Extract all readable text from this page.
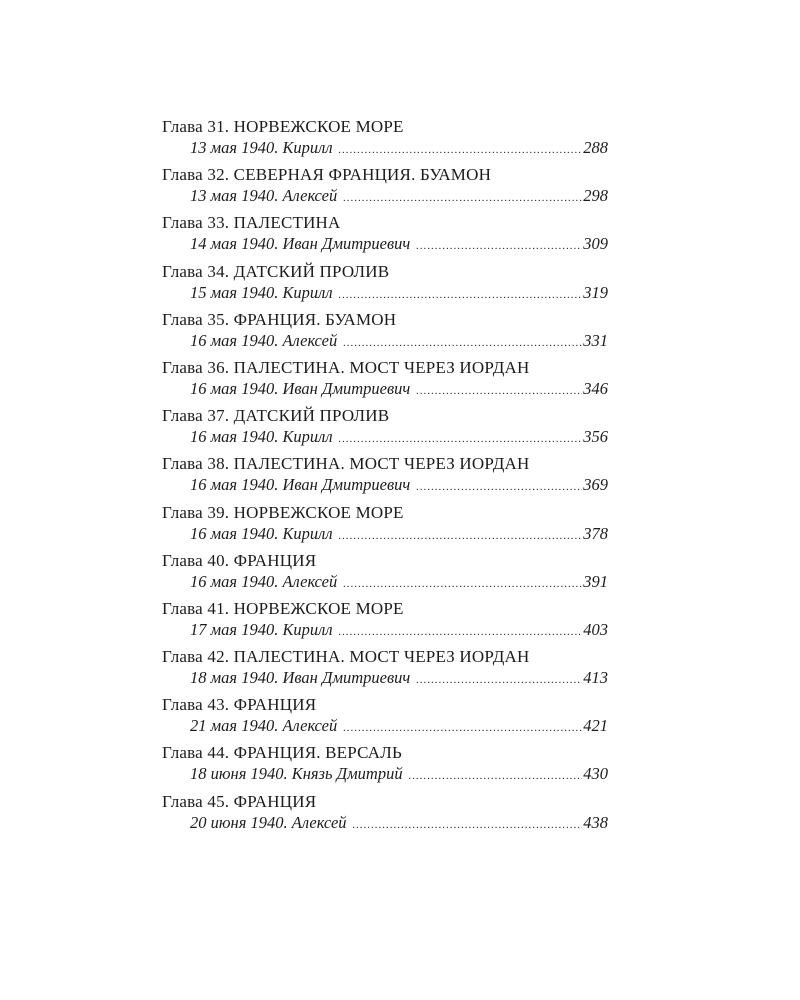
Глава 31. НОРВЕЖСКОЕ МОРЕ
13 мая 1940. Кирилл .....	288
Глава 32. СЕВЕРНАЯ ФРАНЦИЯ. БУАМОН
13 мая 1940. Алексей .....	298
Глава 33. ПАЛЕСТИНА
14 мая 1940. Иван Дмитриевич .....	309
Глава 34. ДАТСКИЙ ПРОЛИВ
15 мая 1940. Кирилл .....	319
Глава 35. ФРАНЦИЯ. БУАМОН
16 мая 1940. Алексей .....	331
Глава 36. ПАЛЕСТИНА. МОСТ ЧЕРЕЗ ИОРДАН
16 мая 1940. Иван Дмитриевич .....	346
Глава 37. ДАТСКИЙ ПРОЛИВ
16 мая 1940. Кирилл .....	356
Глава 38. ПАЛЕСТИНА. МОСТ ЧЕРЕЗ ИОРДАН
16 мая 1940. Иван Дмитриевич .....	369
Глава 39. НОРВЕЖСКОЕ МОРЕ
16 мая 1940. Кирилл .....	378
Глава 40. ФРАНЦИЯ
16 мая 1940. Алексей .....	391
Глава 41. НОРВЕЖСКОЕ МОРЕ
17 мая 1940. Кирилл .....	403
Глава 42. ПАЛЕСТИНА. МОСТ ЧЕРЕЗ ИОРДАН
18 мая 1940. Иван Дмитриевич .....	413
Глава 43. ФРАНЦИЯ
21 мая 1940. Алексей .....	421
Глава 44. ФРАНЦИЯ. ВЕРСАЛЬ
18 июня 1940. Князь Дмитрий .....	430
Глава 45. ФРАНЦИЯ
20 июня 1940. Алексей .....	438
